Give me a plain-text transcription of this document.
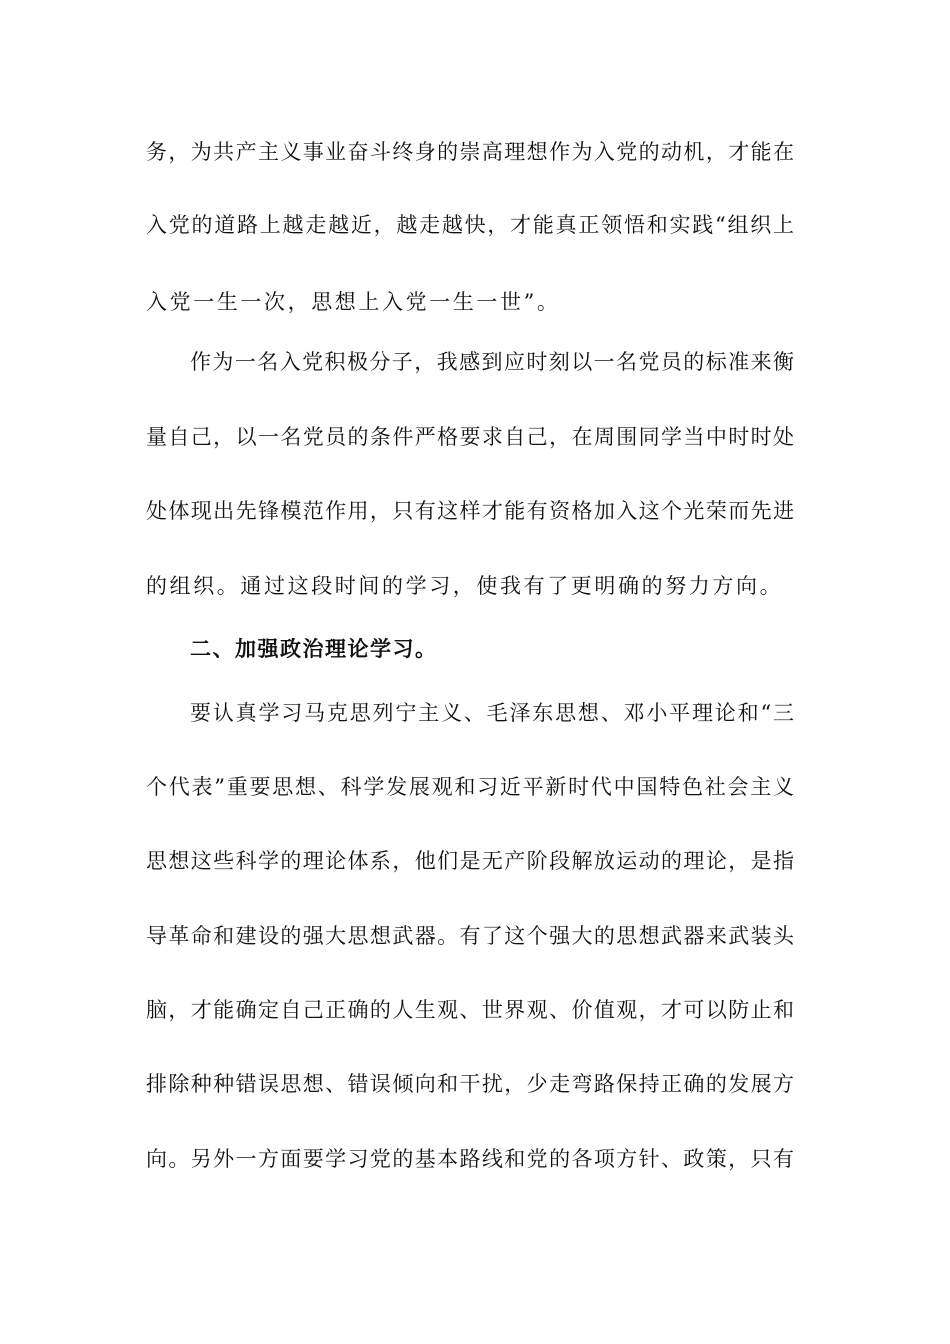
务，为共产主义事业奋斗终身的崇高理想作为入党的动机，才能在
入党的道路上越走越近，越走越快，才能真正领悟和实践“组织上
入党一生一次，思想上入党一生一世”。
作为一名入党积极分子，我感到应时刻以一名党员的标准来衡
量自己，以一名党员的条件严格要求自己，在周围同学当中时时处
处体现出先锋模范作用，只有这样才能有资格加入这个光荣而先进
的组织。通过这段时间的学习，使我有了更明确的努力方向。
二、加强政治理论学习。
要认真学习马克思列宁主义、毛泽东思想、邓小平理论和“三
个代表”重要思想、科学发展观和习近平新时代中国特色社会主义
思想这些科学的理论体系，他们是无产阶段解放运动的理论，是指
导革命和建设的强大思想武器。有了这个强大的思想武器来武装头
脑，才能确定自己正确的人生观、世界观、价值观，才可以防止和
排除种种错误思想、错误倾向和干扰，少走弯路保持正确的发展方
向。另外一方面要学习党的基本路线和党的各项方针、政策，只有
